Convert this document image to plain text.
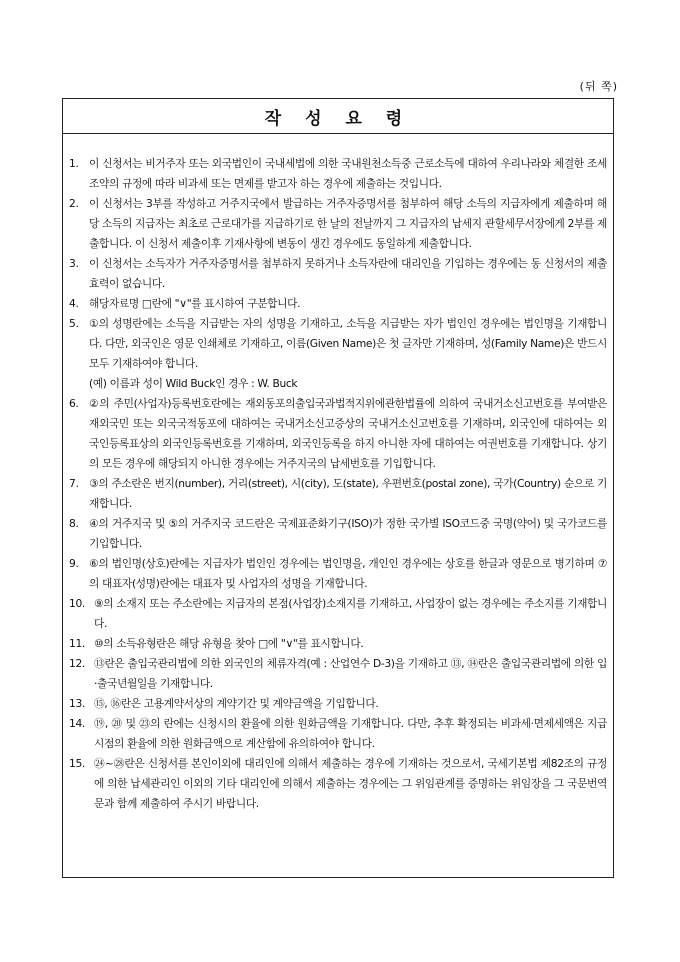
(뒤 쪽)
작 성 요 령
1. 이 신청서는 비거주자 또는 외국법인이 국내세법에 의한 국내원천소득중 근로소득에 대하여 우리나라와 체결한 조세조약의 규정에 따라 비과세 또는 면제를 받고자 하는 경우에 제출하는 것입니다.
2. 이 신청서는 3부를 작성하고 거주지국에서 발급하는 거주자증명서를 첨부하여 해당 소득의 지급자에게 제출하며 해당 소득의 지급자는 최초로 근로대가를 지급하기로 한 날의 전날까지 그 지급자의 납세지 관할세무서장에게 2부를 제출합니다. 이 신청서 제출이후 기재사항에 변동이 생긴 경우에도 동일하게 제출합니다.
3. 이 신청서는 소득자가 거주자증명서를 첨부하지 못하거나 소득자란에 대리인을 기입하는 경우에는 동 신청서의 제출효력이 없습니다.
4. 해당자료명 □란에 "∨"를 표시하여 구분합니다.
5. ①의 성명란에는 소득을 지급받는 자의 성명을 기재하고, 소득을 지급받는 자가 법인인 경우에는 법인명을 기재합니다. 다만, 외국인은 영문 인쇄체로 기재하고, 이름(Given Name)은 첫 글자만 기재하며, 성(Family Name)은 반드시 모두 기재하여야 합니다.
(예) 이름과 성이 Wild Buck인 경우 : W. Buck
6. ②의 주민(사업자)등록번호란에는 재외동포의출입국과법적지위에관한법률에 의하여 국내거소신고번호를 부여받은 재외국민 또는 외국국적동포에 대하여는 국내거소신고증상의 국내거소신고번호를 기재하며, 외국인에 대하여는 외국인등록표상의 외국인등록번호를 기재하며, 외국인등록을 하지 아니한 자에 대하여는 여권번호를 기재합니다. 상기의 모든 경우에 해당되지 아니한 경우에는 거주지국의 납세번호를 기입합니다.
7. ③의 주소란은 번지(number), 거리(street), 시(city), 도(state), 우편번호(postal zone), 국가(Country) 순으로 기재합니다.
8. ④의 거주지국 및 ⑤의 거주지국 코드란은 국제표준화기구(ISO)가 정한 국가별 ISO코드중 국명(약어) 및 국가코드를 기입합니다.
9. ⑥의 법인명(상호)란에는 지급자가 법인인 경우에는 법인명을, 개인인 경우에는 상호를 한글과 영문으로 병기하며 ⑦의 대표자(성명)란에는 대표자 및 사업자의 성명을 기재합니다.
10. ⑨의 소재지 또는 주소란에는 지급자의 본점(사업장)소재지를 기재하고, 사업장이 없는 경우에는 주소지를 기재합니다.
11. ⑩의 소득유형란은 해당 유형을 찾아 □에 "∨"를 표시합니다.
12. ⑬란은 출입국관리법에 의한 외국인의 체류자격(예 : 산업연수 D-3)을 기재하고 ⑬, ⑭란은 출입국관리법에 의한 입·출국년월일을 기재합니다.
13. ⑮, ⑯란은 고용계약서상의 계약기간 및 계약금액을 기입합니다.
14. ⑲, ⑳ 및 ㉓의 란에는 신청시의 환율에 의한 원화금액을 기재합니다. 다만, 추후 확정되는 비과세·면제세액은 지급시점의 환율에 의한 원화금액으로 계산함에 유의하여야 합니다.
15. ㉔~㉘란은 신청서를 본인이외에 대리인에 의해서 제출하는 경우에 기재하는 것으로서, 국세기본법 제82조의 규정에 의한 납세관리인 이외의 기타 대리인에 의해서 제출하는 경우에는 그 위임관계를 증명하는 위임장을 그 국문번역문과 함께 제출하여 주시기 바랍니다.
